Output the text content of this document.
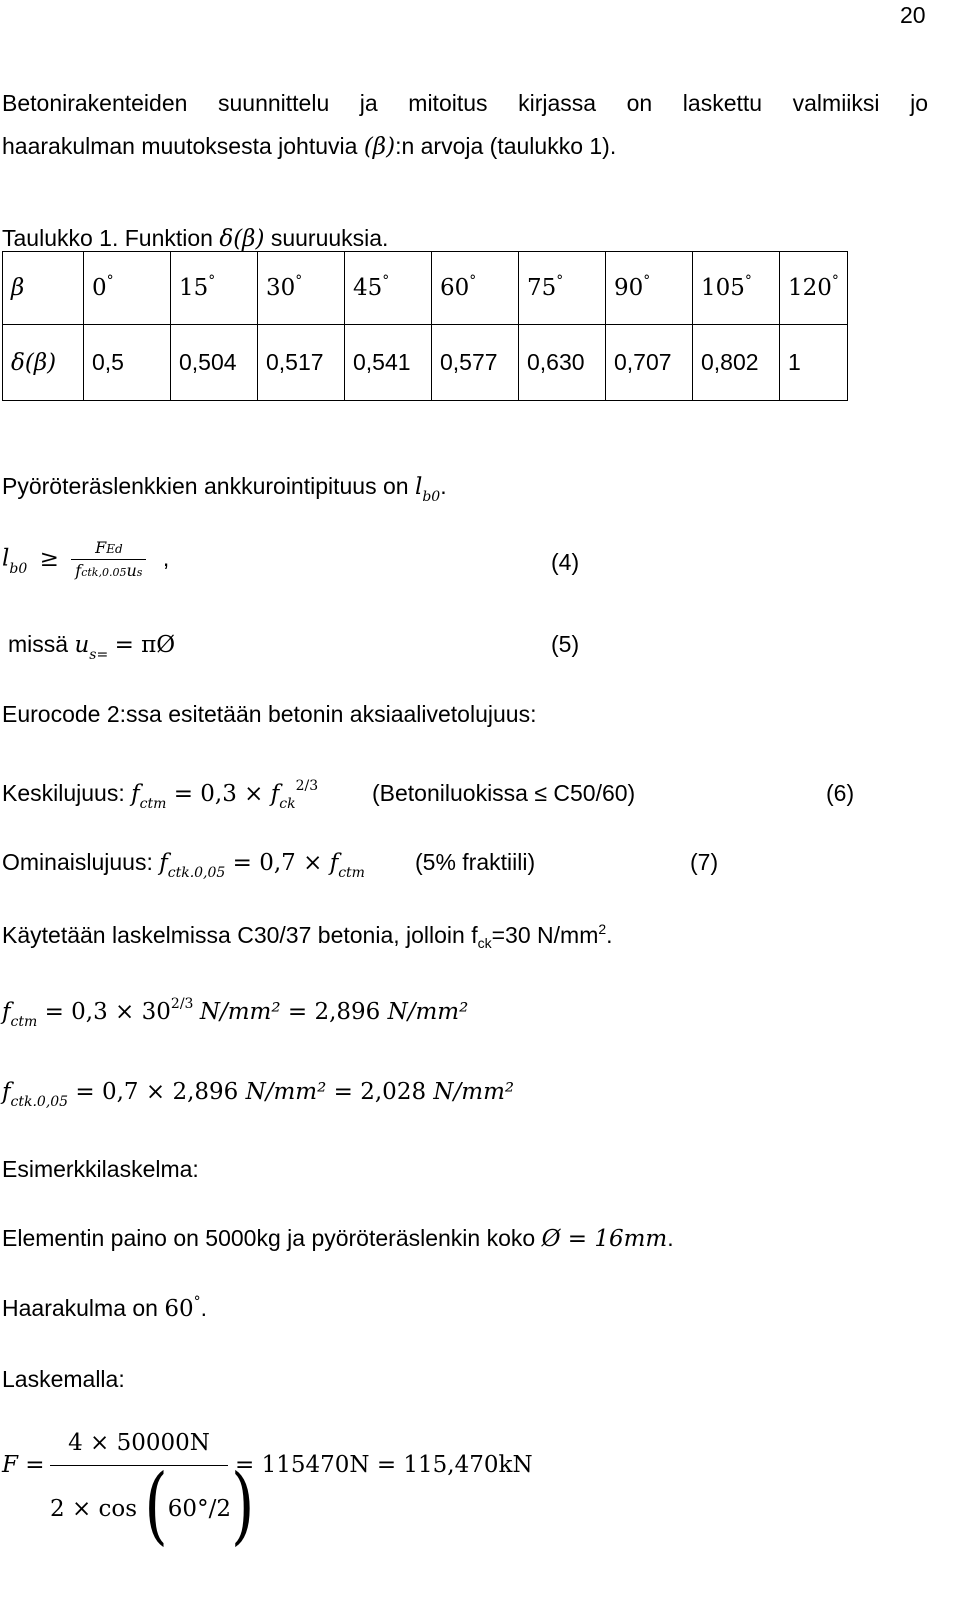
20
Betonirakenteiden suunnittelu ja mitoitus kirjassa on laskettu valmiiksi jo
haarakulman muutoksesta johtuvia (β):n arvoja (taulukko 1).
Taulukko 1. Funktion δ(β) suuruuksia.
β	0°	15°	30°	45°	60°	75°	90°	105°	120°
δ(β)	0,5	0,504	0,517	0,541	0,577	0,630	0,707	0,802	1
Pyöröteräslenkkien ankkurointipituus on $l_{b0}$.
$l_{b0} \ge \frac{\text{FEd}}{\text{fctk,0.05us}}$ ,	(4)
missä $u_{s=}$ = πØ	(5)
Eurocode 2:ssa esitetään betonin aksiaalivetolujuus:
Keskilujuus: $f_{ctm} = 0,3 \times f_{ck}^{2/3}$ (Betoniluokissa ≤ C50/60)	(6)
Ominaislujuus: $f_{ctk.0,05} = 0,7 \times f_{ctm}$ (5% fraktiili)	(7)
Käytetään laskelmissa C30/37 betonia, jolloin $f_{ck}=30$ $N/mm^2$.
$f_{ctm} = 0,3 \times 30^{2/3}$ N/mm² = 2,896 N/mm²
$f_{ctk.0,05} = 0,7 \times 2,896$ N/mm² = 2,028 N/mm²
Esimerkkilaskelma:
Elementin paino on 5000kg ja pyöröteräslenkin koko Ø = 16mm.
Haarakulma on 60°.
Laskemalla:
F =
4 × 50000N
2 × cos (60°/2)
= 115470N = 115,470kN
